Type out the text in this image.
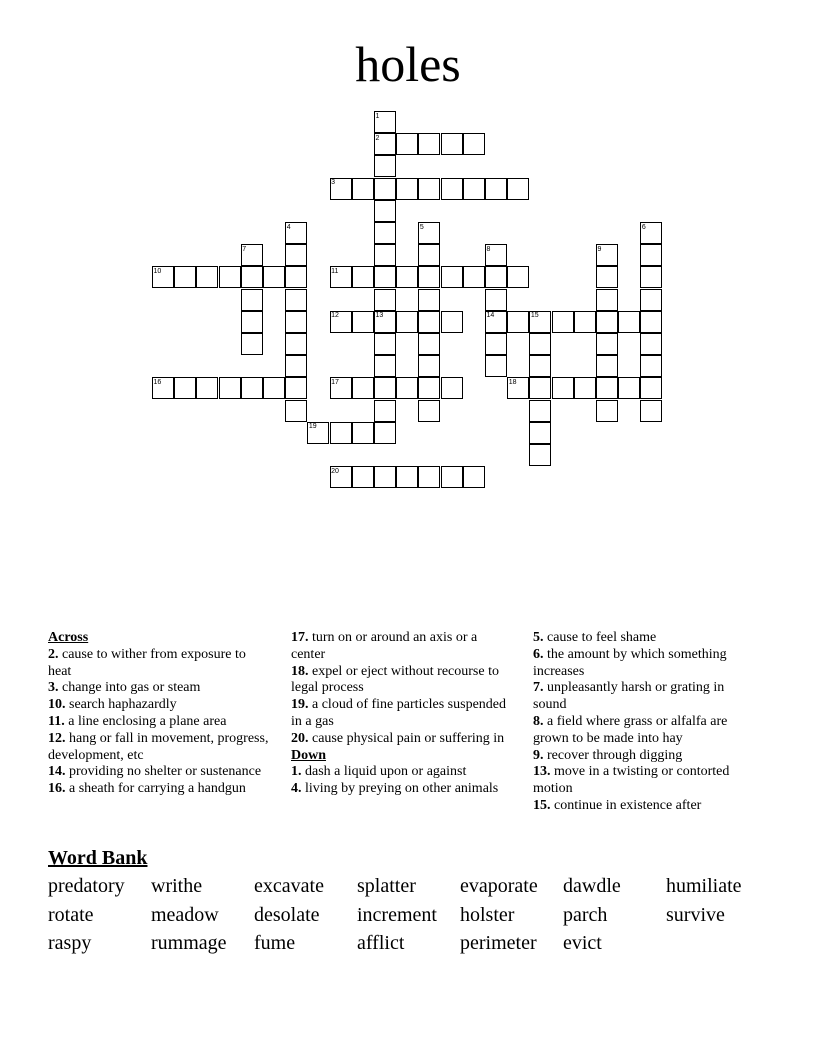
holes
1
2
3
4	5	6
7	8	9
10	11
12	13	14	15
16	17	18
19
20
Across
2. cause to wither from exposure to heat
3. change into gas or steam
10. search haphazardly
11. a line enclosing a plane area
12. hang or fall in movement, progress, development, etc
14. providing no shelter or sustenance
16. a sheath for carrying a handgun
17. turn on or around an axis or a center
18. expel or eject without recourse to legal process
19. a cloud of fine particles suspended in a gas
20. cause physical pain or suffering in
Down
1. dash a liquid upon or against
4. living by preying on other animals
5. cause to feel shame
6. the amount by which something increases
7. unpleasantly harsh or grating in sound
8. a field where grass or alfalfa are grown to be made into hay
9. recover through digging
13. move in a twisting or contorted motion
15. continue in existence after
Word Bank
predatory writhe	excavate splatter evaporate dawdle humiliate
rotate	meadow desolate increment holster parch	survive
raspy	rummage fume	afflict	perimeter evict
